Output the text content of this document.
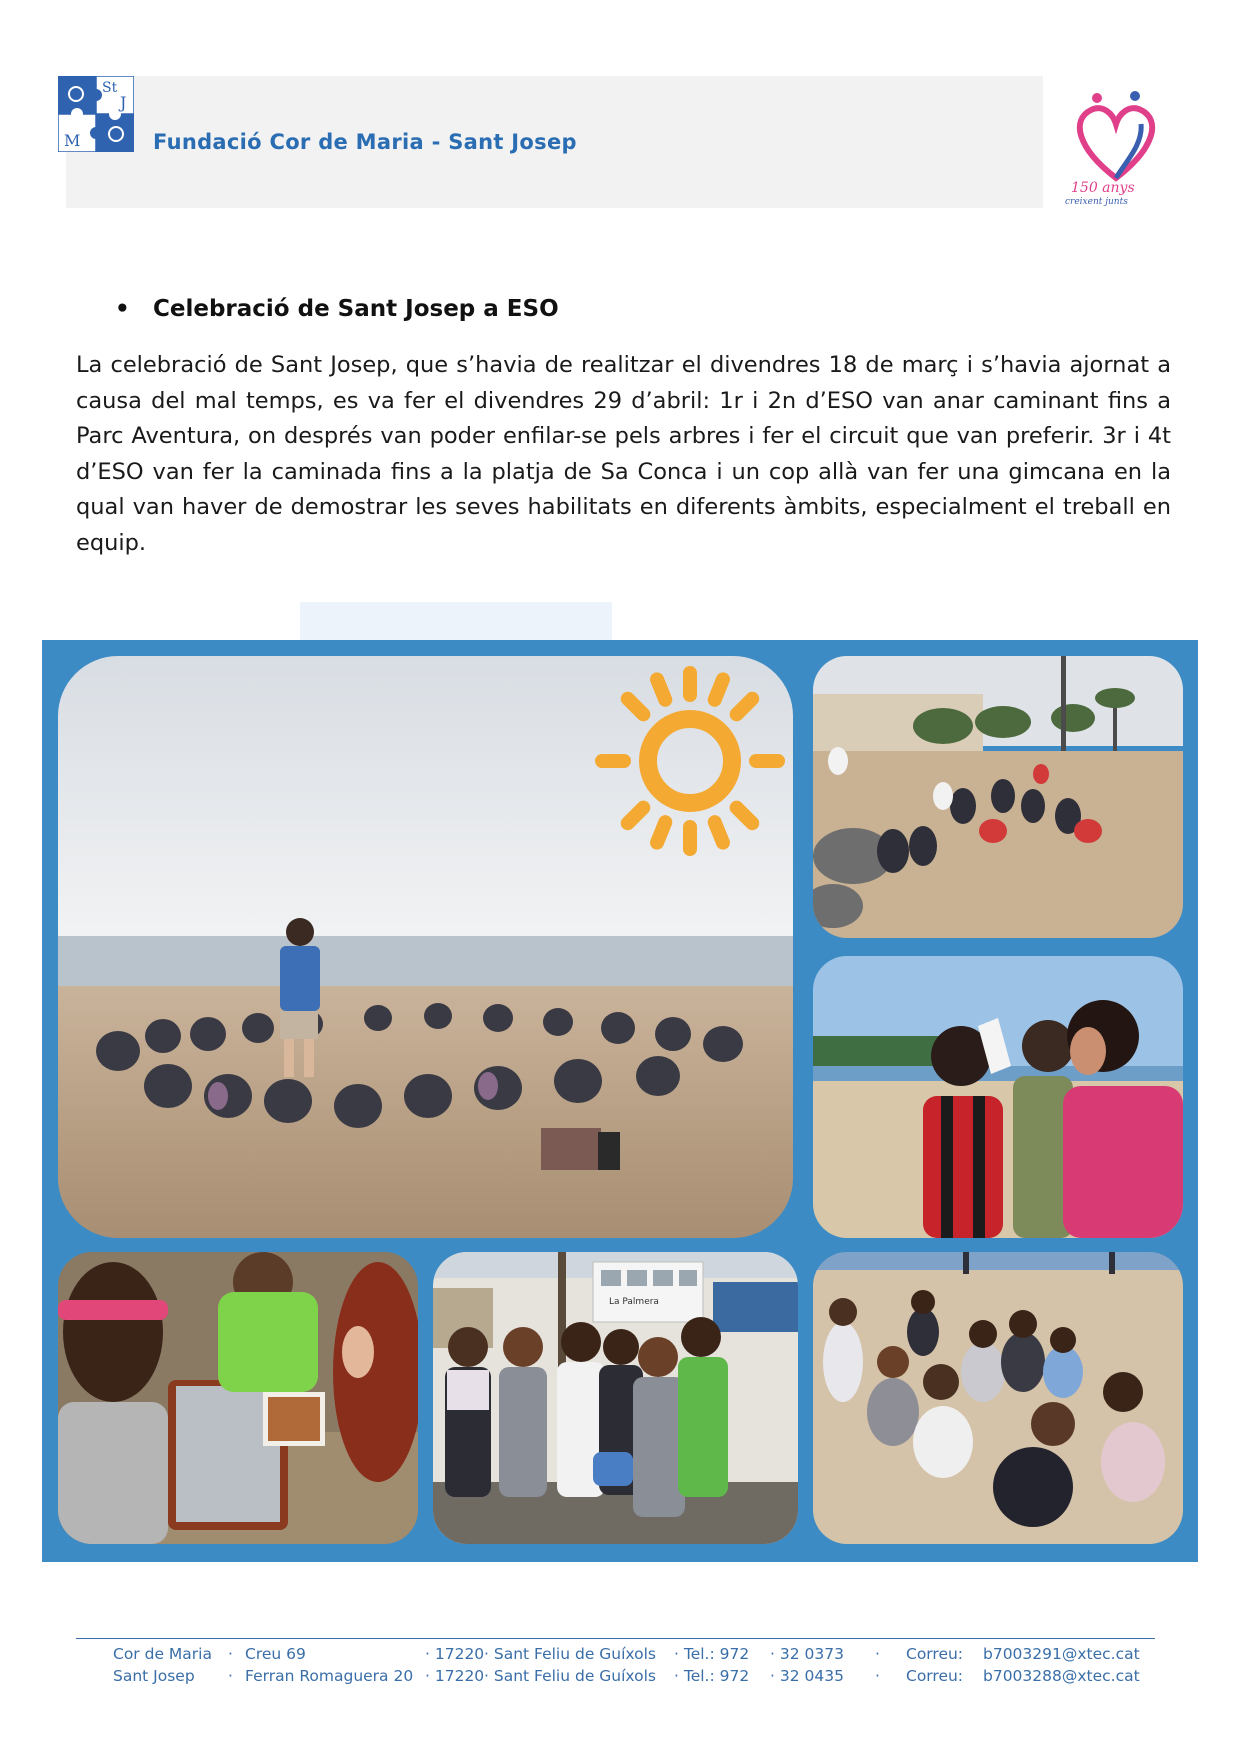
St
J
M	Fundació Cor de Maria - Sant Josep
150 anys
creixent junts
• Celebració de Sant Josep a ESO
La celebració de Sant Josep, que s’havia de realitzar el divendres 18 de març i s’havia ajornat a causa del mal temps, es va fer el divendres 29 d’abril: 1r i 2n d’ESO van anar caminant fins a Parc Aventura, on després van poder enfilar-se pels arbres i fer el circuit que van preferir. 3r i 4t d’ESO van fer la caminada fins a la platja de Sa Conca i un cop allà van fer una gimcana en la qual van haver de demostrar les seves habilitats en diferents àmbits, especialment el treball en equip.
La Palmera
Cor de Maria · Creu 69	· 17220 · Sant Feliu de Guíxols · Tel.: 972 · 32 0373 · Correu: b7003291@xtec.cat
Sant Josep · Ferran Romaguera 20 · 17220 · Sant Feliu de Guíxols · Tel.: 972 · 32 0435 · Correu: b7003288@xtec.cat
